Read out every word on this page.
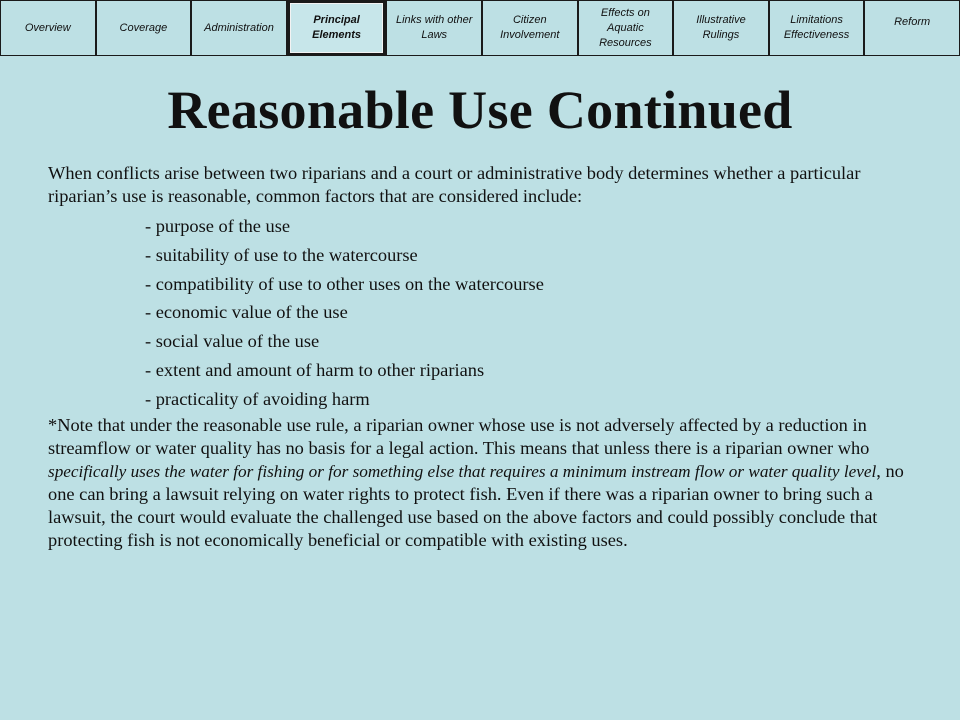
Overview	Coverage	Administration
Principal
Elements
Links with other
Laws
Citizen
Involvement
Effects on
Aquatic
Resources
Illustrative
Rulings
Limitations
Effectiveness
Reform
Reasonable Use Continued

When conflicts arise between two riparians and a court or administrative body determines whether a particular riparian’s use is reasonable, common factors that are considered include:

- purpose of the use
- suitability of use to the watercourse
- compatibility of use to other uses on the watercourse
- economic value of the use
- social value of the use
- extent and amount of harm to other riparians
- practicality of avoiding harm

*Note that under the reasonable use rule, a riparian owner whose use is not adversely affected by a reduction in streamflow or water quality has no basis for a legal action. This means that unless there is a riparian owner who specifically uses the water for fishing or for something else that requires a minimum instream flow or water quality level, no one can bring a lawsuit relying on water rights to protect fish. Even if there was a riparian owner to bring such a lawsuit, the court would evaluate the challenged use based on the above factors and could possibly conclude that protecting fish is not economically beneficial or compatible with existing uses.
